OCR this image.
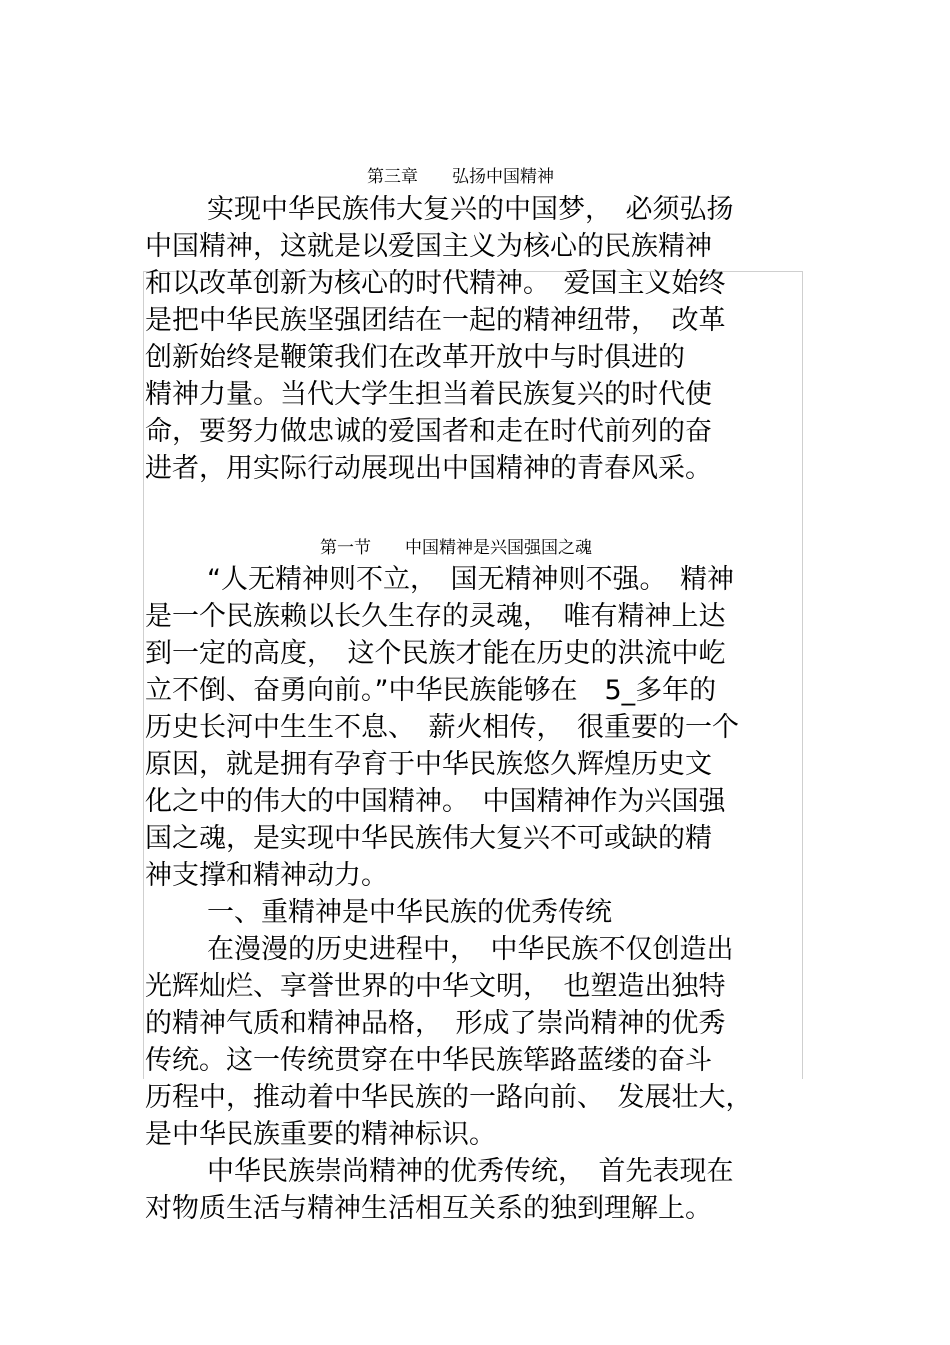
第三章　　弘扬中国精神
实现中华民族伟大复兴的中国梦，　必须弘扬
中国精神，这就是以爱国主义为核心的民族精神
和以改革创新为核心的时代精神。　爱国主义始终
是把中华民族坚强团结在一起的精神纽带，　改革
创新始终是鞭策我们在改革开放中与时俱进的
精神力量。当代大学生担当着民族复兴的时代使
命，要努力做忠诚的爱国者和走在时代前列的奋
进者，用实际行动展现出中国精神的青春风采。
第一节　　中国精神是兴国强国之魂
“人无精神则不立，　国无精神则不强。　精神
是一个民族赖以长久生存的灵魂，　唯有精神上达
到一定的高度，　这个民族才能在历史的洪流中屹
立不倒、奋勇向前。”中华民族能够在　5_多年的
历史长河中生生不息、　薪火相传，　很重要的一个
原因，就是拥有孕育于中华民族悠久辉煌历史文
化之中的伟大的中国精神。　中国精神作为兴国强
国之魂，是实现中华民族伟大复兴不可或缺的精
神支撑和精神动力。
一、重精神是中华民族的优秀传统
在漫漫的历史进程中，　中华民族不仅创造出
光辉灿烂、享誉世界的中华文明，　也塑造出独特
的精神气质和精神品格，　形成了崇尚精神的优秀
传统。这一传统贯穿在中华民族筚路蓝缕的奋斗
历程中，推动着中华民族的一路向前、　发展壮大，
是中华民族重要的精神标识。
中华民族崇尚精神的优秀传统，　首先表现在
对物质生活与精神生活相互关系的独到理解上。
